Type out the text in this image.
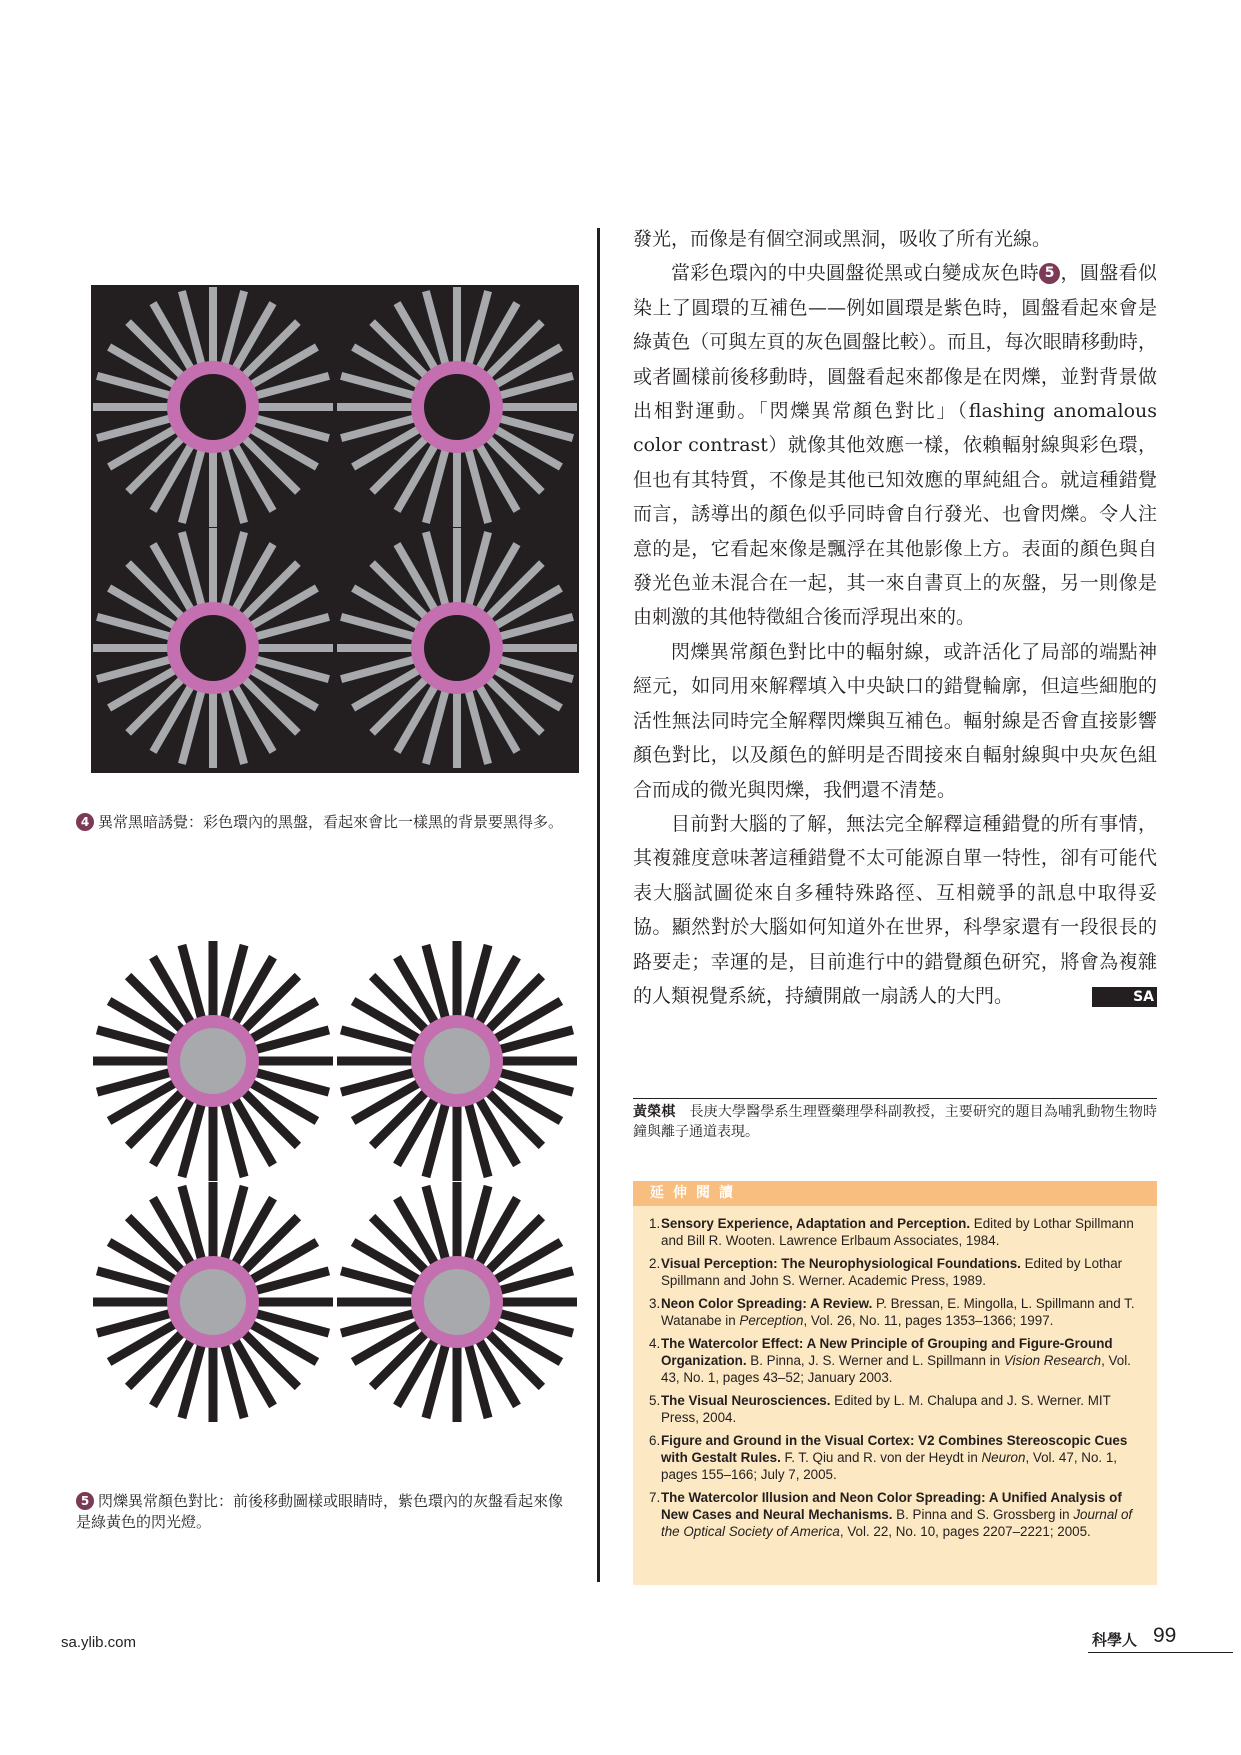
4 異常黑暗誘覺：彩色環內的黑盤，看起來會比一樣黑的背景要黑得多。
5 閃爍異常顏色對比：前後移動圖樣或眼睛時，紫色環內的灰盤看起來像是綠黃色的閃光燈。

發光，而像是有個空洞或黑洞，吸收了所有光線。

當彩色環內的中央圓盤從黑或白變成灰色時 5 ，圓盤看似染上了圓環的互補色——例如圓環是紫色時，圓盤看起來會是綠黃色（可與左頁的灰色圓盤比較）。而且，每次眼睛移動時，或者圖樣前後移動時，圓盤看起來都像是在閃爍，並對背景做出相對運動。「閃爍異常顏色對比」（flashing anomalous color contrast）就像其他效應一樣，依賴輻射線與彩色環，但也有其特質，不像是其他已知效應的單純組合。就這種錯覺而言，誘導出的顏色似乎同時會自行發光、也會閃爍。令人注意的是，它看起來像是飄浮在其他影像上方。表面的顏色與自發光色並未混合在一起，其一來自書頁上的灰盤，另一則像是由刺激的其他特徵組合後而浮現出來的。

閃爍異常顏色對比中的輻射線，或許活化了局部的端點神經元，如同用來解釋填入中央缺口的錯覺輪廓，但這些細胞的活性無法同時完全解釋閃爍與互補色。輻射線是否會直接影響顏色對比，以及顏色的鮮明是否間接來自輻射線與中央灰色組合而成的微光與閃爍，我們還不清楚。

目前對大腦的了解，無法完全解釋這種錯覺的所有事情，其複雜度意味著這種錯覺不太可能源自單一特性，卻有可能代表大腦試圖從來自多種特殊路徑、互相競爭的訊息中取得妥協。顯然對於大腦如何知道外在世界，科學家還有一段很長的路要走；幸運的是，目前進行中的錯覺顏色研究，將會為複雜的人類視覺系統，持續開啟一扇誘人的大門。	SA

黃榮棋 長庚大學醫學系生理暨藥理學科副教授，主要研究的題目為哺乳動物生物時鐘與離子通道表現。
延伸閱讀
1. Sensory Experience, Adaptation and Perception. Edited by Lothar Spillmann and Bill R. Wooten. Lawrence Erlbaum Associates, 1984.
2. Visual Perception: The Neurophysiological Foundations. Edited by Lothar Spillmann and John S. Werner. Academic Press, 1989.
3. Neon Color Spreading: A Review. P. Bressan, E. Mingolla, L. Spillmann and T. Watanabe in Perception, Vol. 26, No. 11, pages 1353–1366; 1997.
4. The Watercolor Effect: A New Principle of Grouping and Figure-Ground Organization. B. Pinna, J. S. Werner and L. Spillmann in Vision Research, Vol. 43, No. 1, pages 43–52; January 2003.
5. The Visual Neurosciences. Edited by L. M. Chalupa and J. S. Werner. MIT Press, 2004.
6. Figure and Ground in the Visual Cortex: V2 Combines Stereoscopic Cues with Gestalt Rules. F. T. Qiu and R. von der Heydt in Neuron, Vol. 47, No. 1, pages 155–166; July 7, 2005.
7. The Watercolor Illusion and Neon Color Spreading: A Unified Analysis of New Cases and Neural Mechanisms. B. Pinna and S. Grossberg in Journal of the Optical Society of America, Vol. 22, No. 10, pages 2207–2221; 2005.
sa.ylib.com	科學人 99
